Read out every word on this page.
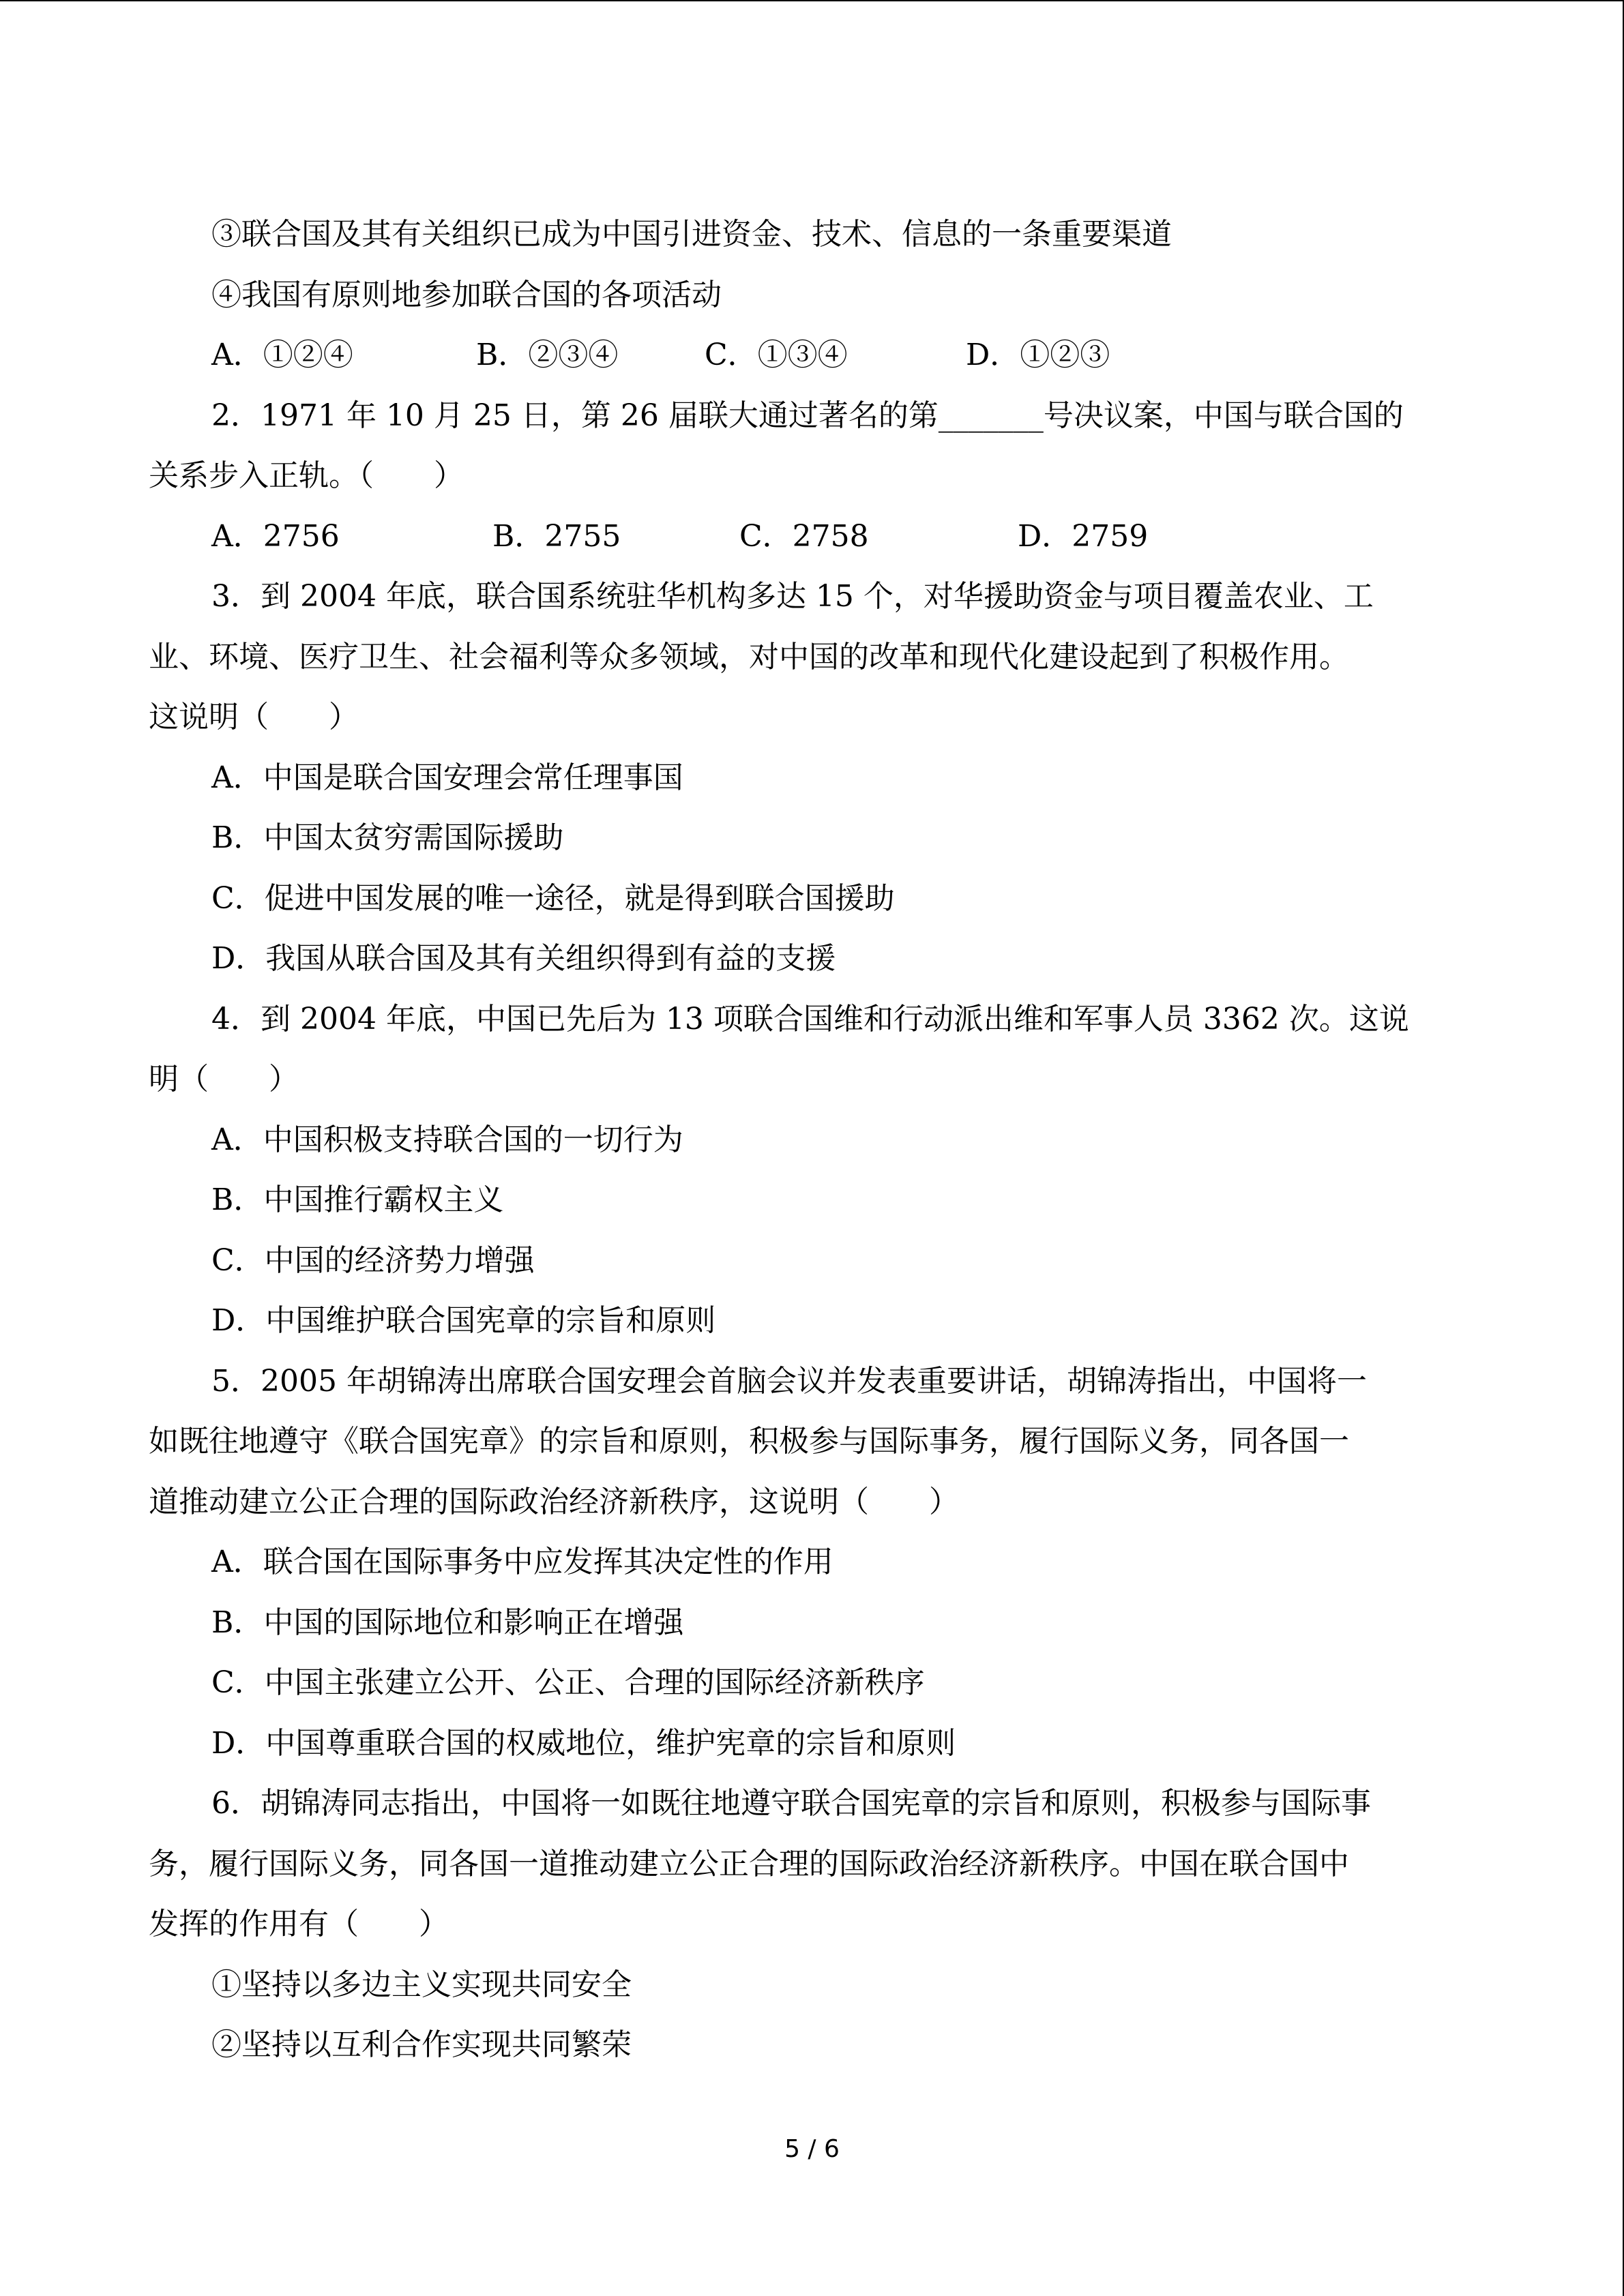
③联合国及其有关组织已成为中国引进资金、技术、信息的一条重要渠道
④我国有原则地参加联合国的各项活动
A．①②④	B．②③④	C．①③④	D．①②③
2．1971 年 10 月 25 日，第 26 届联大通过著名的第_______号决议案，中国与联合国的
关系步入正轨。（　　）
A．2756	B．2755	C．2758	D．2759
3．到 2004 年底，联合国系统驻华机构多达 15 个，对华援助资金与项目覆盖农业、工
业、环境、医疗卫生、社会福利等众多领域，对中国的改革和现代化建设起到了积极作用。
这说明（　　）
A．中国是联合国安理会常任理事国
B．中国太贫穷需国际援助
C．促进中国发展的唯一途径，就是得到联合国援助
D．我国从联合国及其有关组织得到有益的支援
4．到 2004 年底，中国已先后为 13 项联合国维和行动派出维和军事人员 3362 次。这说
明（　　）
A．中国积极支持联合国的一切行为
B．中国推行霸权主义
C．中国的经济势力增强
D．中国维护联合国宪章的宗旨和原则
5．2005 年胡锦涛出席联合国安理会首脑会议并发表重要讲话，胡锦涛指出，中国将一
如既往地遵守《联合国宪章》的宗旨和原则，积极参与国际事务，履行国际义务，同各国一
道推动建立公正合理的国际政治经济新秩序，这说明（　　）
A．联合国在国际事务中应发挥其决定性的作用
B．中国的国际地位和影响正在增强
C．中国主张建立公开、公正、合理的国际经济新秩序
D．中国尊重联合国的权威地位，维护宪章的宗旨和原则
6．胡锦涛同志指出，中国将一如既往地遵守联合国宪章的宗旨和原则，积极参与国际事
务，履行国际义务，同各国一道推动建立公正合理的国际政治经济新秩序。中国在联合国中
发挥的作用有（　　）
①坚持以多边主义实现共同安全
②坚持以互利合作实现共同繁荣
5 / 6
